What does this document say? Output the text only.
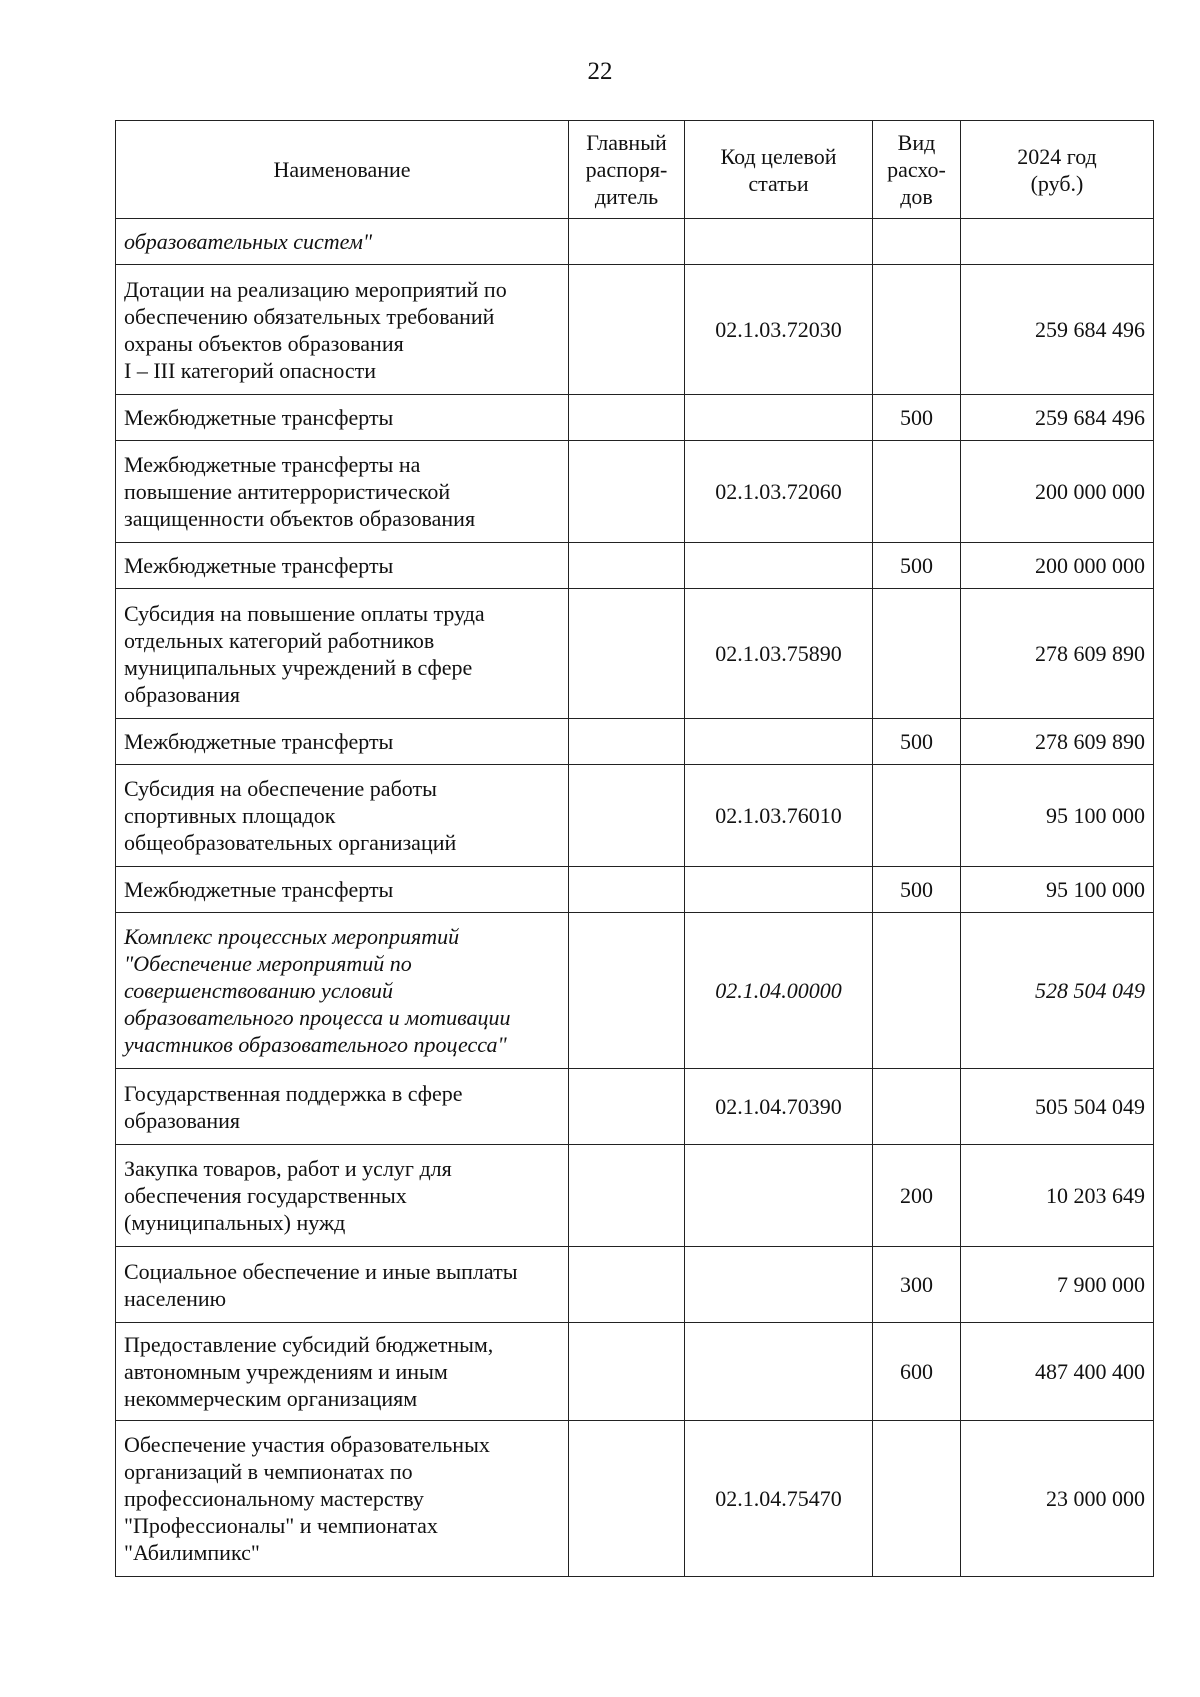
22
Наименование	Главный
распоря-
дитель	Код целевой
статьи	Вид
расхо-
дов	2024 год
(руб.)
образовательных систем"				
Дотации на реализацию мероприятий по
обеспечению обязательных требований
охраны объектов образования
I – III категорий опасности		02.1.03.72030		259 684 496
Межбюджетные трансферты			500	259 684 496
Межбюджетные трансферты на
повышение антитеррористической
защищенности объектов образования		02.1.03.72060		200 000 000
Межбюджетные трансферты			500	200 000 000
Субсидия на повышение оплаты труда
отдельных категорий работников
муниципальных учреждений в сфере
образования		02.1.03.75890		278 609 890
Межбюджетные трансферты			500	278 609 890
Субсидия на обеспечение работы
спортивных площадок
общеобразовательных организаций		02.1.03.76010		95 100 000
Межбюджетные трансферты			500	95 100 000
Комплекс процессных мероприятий
"Обеспечение мероприятий по
совершенствованию условий
образовательного процесса и мотивации
участников образовательного процесса"		02.1.04.00000		528 504 049
Государственная поддержка в сфере
образования		02.1.04.70390		505 504 049
Закупка товаров, работ и услуг для
обеспечения государственных
(муниципальных) нужд			200	10 203 649
Социальное обеспечение и иные выплаты
населению			300	7 900 000
Предоставление субсидий бюджетным,
автономным учреждениям и иным
некоммерческим организациям			600	487 400 400
Обеспечение участия образовательных
организаций в чемпионатах по
профессиональному мастерству
"Профессионалы" и чемпионатах
"Абилимпикс"		02.1.04.75470		23 000 000
